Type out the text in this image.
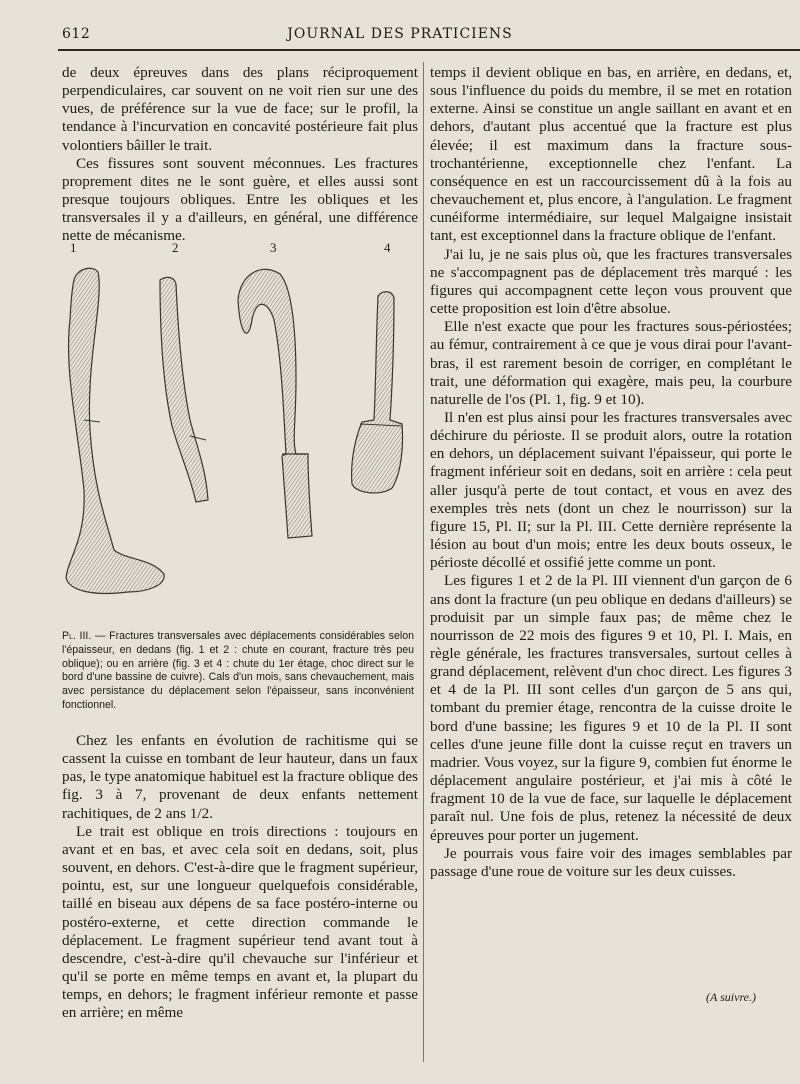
612	JOURNAL DES PRATICIENS

de deux épreuves dans des plans réciproquement perpendiculaires, car souvent on ne voit rien sur une des vues, de préférence sur la vue de face; sur le profil, la tendance à l'incurvation en concavité postérieure fait plus volontiers bâiller le trait.

Ces fissures sont souvent méconnues. Les fractures proprement dites ne le sont guère, et elles aussi sont presque toujours obliques. Entre les obliques et les transversales il y a d'ailleurs, en général, une différence nette de mécanisme.

1	2	3	4
Pl. III. — Fractures transversales avec déplacements considérables selon l'épaisseur, en dedans (fig. 1 et 2 : chute en courant, fracture très peu oblique); ou en arrière (fig. 3 et 4 : chute du 1er étage, choc direct sur le bord d'une bassine de cuivre). Cals d'un mois, sans chevauchement, mais avec persistance du déplacement selon l'épaisseur, sans inconvénient fonctionnel.

Chez les enfants en évolution de rachitisme qui se cassent la cuisse en tombant de leur hauteur, dans un faux pas, le type anatomique habituel est la fracture oblique des fig. 3 à 7, provenant de deux enfants nettement rachitiques, de 2 ans 1/2.

Le trait est oblique en trois directions : toujours en avant et en bas, et avec cela soit en dedans, soit, plus souvent, en dehors. C'est-à-dire que le fragment supérieur, pointu, est, sur une longueur quelquefois considérable, taillé en biseau aux dépens de sa face postéro-interne ou postéro-externe, et cette direction commande le déplacement. Le fragment supérieur tend avant tout à descendre, c'est-à-dire qu'il chevauche sur l'inférieur et qu'il se porte en même temps en avant et, la plupart du temps, en dehors; le fragment inférieur remonte et passe en arrière; en même

temps il devient oblique en bas, en arrière, en dedans, et, sous l'influence du poids du membre, il se met en rotation externe. Ainsi se constitue un angle saillant en avant et en dehors, d'autant plus accentué que la fracture est plus élevée; il est maximum dans la fracture sous-trochantérienne, exceptionnelle chez l'enfant. La conséquence en est un raccourcissement dû à la fois au chevauchement et, plus encore, à l'angulation. Le fragment cunéiforme intermédiaire, sur lequel Malgaigne insistait tant, est exceptionnel dans la fracture oblique de l'enfant.

J'ai lu, je ne sais plus où, que les fractures transversales ne s'accompagnent pas de déplacement très marqué : les figures qui accompagnent cette leçon vous prouvent que cette proposition est loin d'être absolue.

Elle n'est exacte que pour les fractures sous-périostées; au fémur, contrairement à ce que je vous dirai pour l'avant-bras, il est rarement besoin de corriger, en complétant le trait, une déformation qui exagère, mais peu, la courbure naturelle de l'os (Pl. 1, fig. 9 et 10).

Il n'en est plus ainsi pour les fractures transversales avec déchirure du périoste. Il se produit alors, outre la rotation en dehors, un déplacement suivant l'épaisseur, qui porte le fragment inférieur soit en dedans, soit en arrière : cela peut aller jusqu'à perte de tout contact, et vous en avez des exemples très nets (dont un chez le nourrisson) sur la figure 15, Pl. II; sur la Pl. III. Cette dernière représente la lésion au bout d'un mois; entre les deux bouts osseux, le périoste décollé et ossifié jette comme un pont.

Les figures 1 et 2 de la Pl. III viennent d'un garçon de 6 ans dont la fracture (un peu oblique en dedans d'ailleurs) se produisit par un simple faux pas; de même chez le nourrisson de 22 mois des figures 9 et 10, Pl. I. Mais, en règle générale, les fractures transversales, surtout celles à grand déplacement, relèvent d'un choc direct. Les figures 3 et 4 de la Pl. III sont celles d'un garçon de 5 ans qui, tombant du premier étage, rencontra de la cuisse droite le bord d'une bassine; les figures 9 et 10 de la Pl. II sont celles d'une jeune fille dont la cuisse reçut en travers un madrier. Vous voyez, sur la figure 9, combien fut énorme le déplacement angulaire postérieur, et j'ai mis à côté le fragment 10 de la vue de face, sur laquelle le déplacement paraît nul. Une fois de plus, retenez la nécessité de deux épreuves pour porter un jugement.

Je pourrais vous faire voir des images semblables par passage d'une roue de voiture sur les deux cuisses.

(A suivre.)
